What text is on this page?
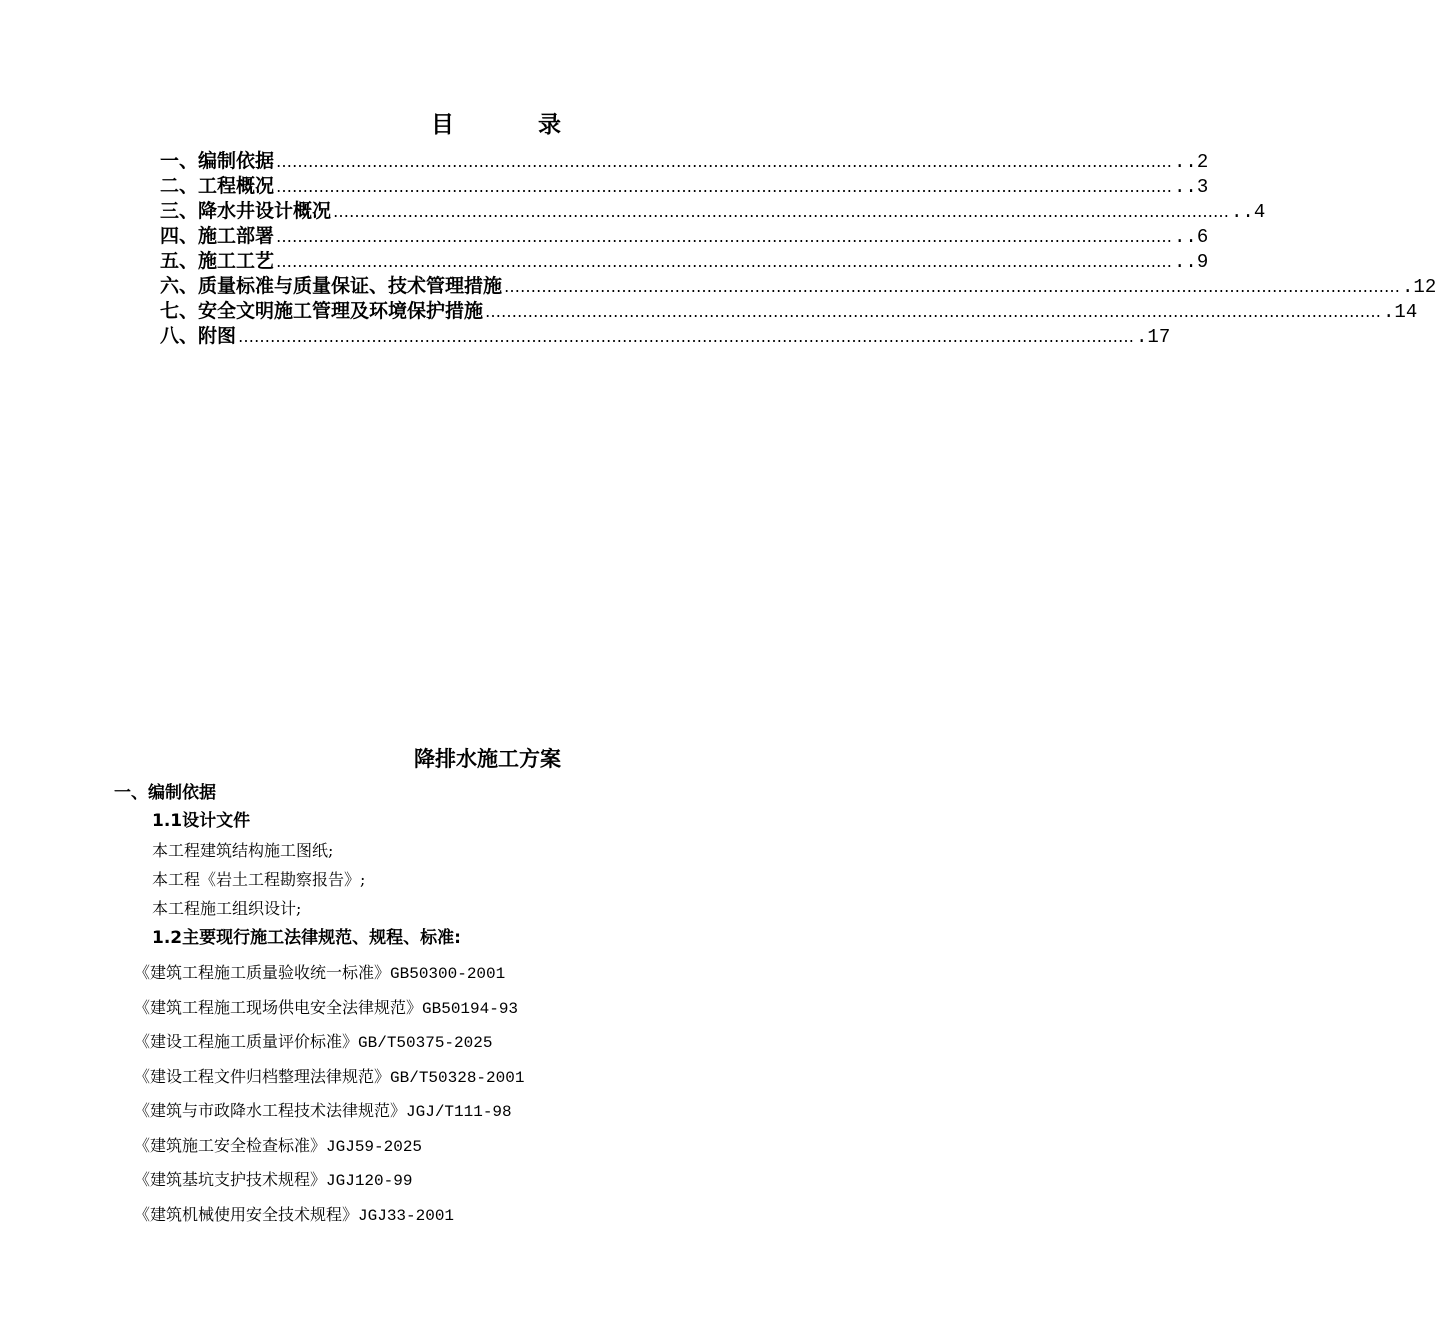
目 录
一、编制依据 …………………………………………………………………………………………………………………………………………………… ..2
二、工程概况 …………………………………………………………………………………………………………………………………………………… ..3
三、降水井设计概况 …………………………………………………………………………………………………………………………………………………… ..4
四、施工部署 …………………………………………………………………………………………………………………………………………………… ..6
五、施工工艺 …………………………………………………………………………………………………………………………………………………… ..9
六、质量标准与质量保证、技术管理措施 …………………………………………………………………………………………………………………………………………………… .12
七、安全文明施工管理及环境保护措施 …………………………………………………………………………………………………………………………………………………… .14
八、附图 …………………………………………………………………………………………………………………………………………………… .17
降排水施工方案
一、编制依据
1.1设计文件
本工程建筑结构施工图纸;
本工程《岩土工程勘察报告》;
本工程施工组织设计;
1.2主要现行施工法律规范、规程、标准:
《建筑工程施工质量验收统一标准》GB50300-2001
《建筑工程施工现场供电安全法律规范》GB50194-93
《建设工程施工质量评价标准》GB/T50375-2025
《建设工程文件归档整理法律规范》GB/T50328-2001
《建筑与市政降水工程技术法律规范》JGJ/T111-98
《建筑施工安全检查标准》JGJ59-2025
《建筑基坑支护技术规程》JGJ120-99
《建筑机械使用安全技术规程》JGJ33-2001
